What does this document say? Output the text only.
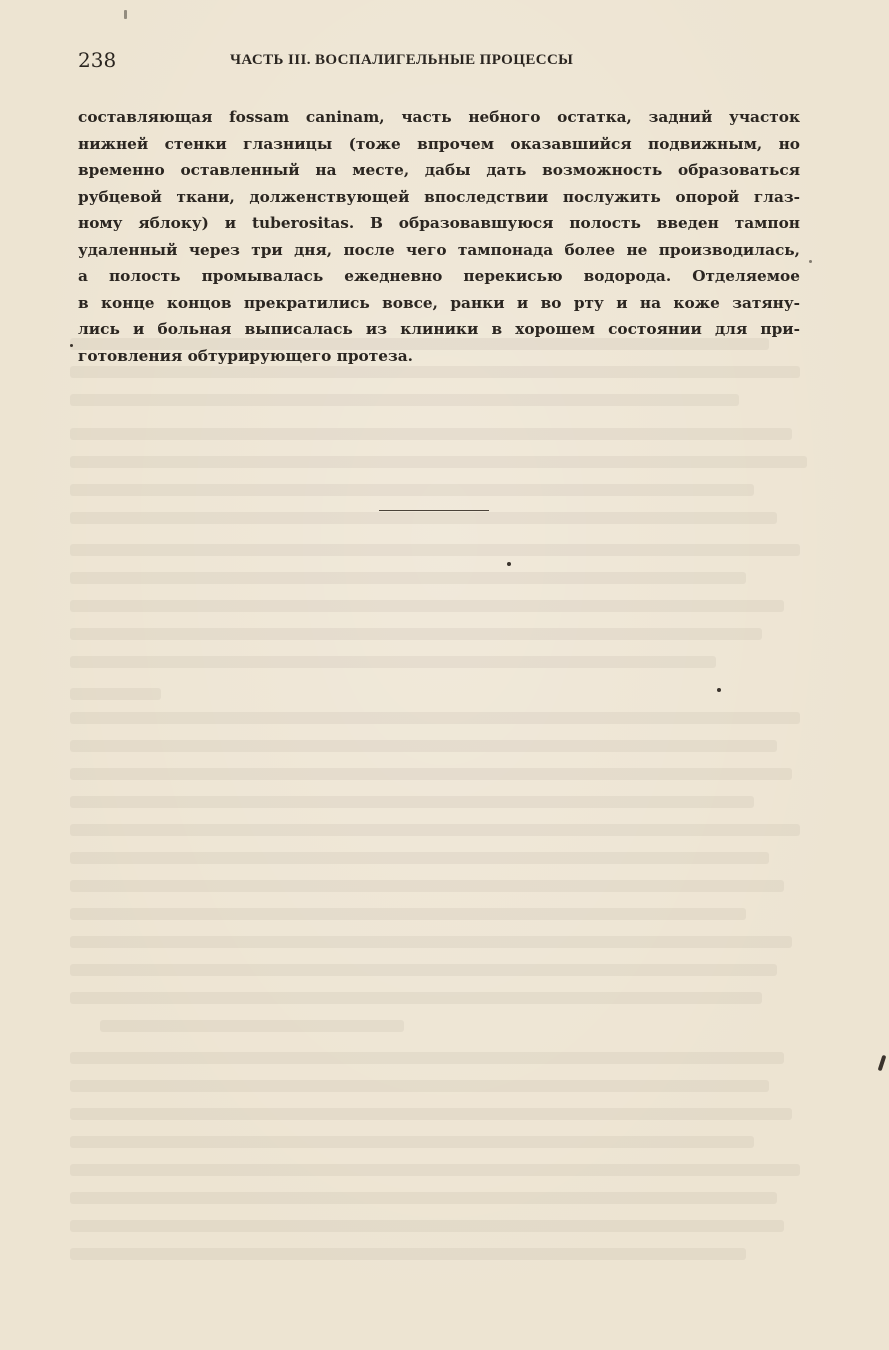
238	ЧАСТЬ III. ВОСПАЛИГЕЛЬНЫЕ ПРОЦЕССЫ
составляющая fossam caninam, часть небного остатка, задний участок
нижней стенки глазницы (тоже впрочем оказавшийся подвижным, но
временно оставленный на месте, дабы дать возможность образоваться
рубцевой ткани, долженствующей впоследствии послужить опорой глаз-
ному яблоку) и tuberositas. В образовавшуюся полость введен тампон
удаленный через три дня, после чего тампонада более не производилась,
а полость промывалась ежедневно перекисью водорода. Отделяемое
в конце концов прекратились вовсе, ранки и во рту и на коже затяну-
лись и больная выписалась из клиники в хорошем состоянии для при-
готовления обтурирующего протеза.
